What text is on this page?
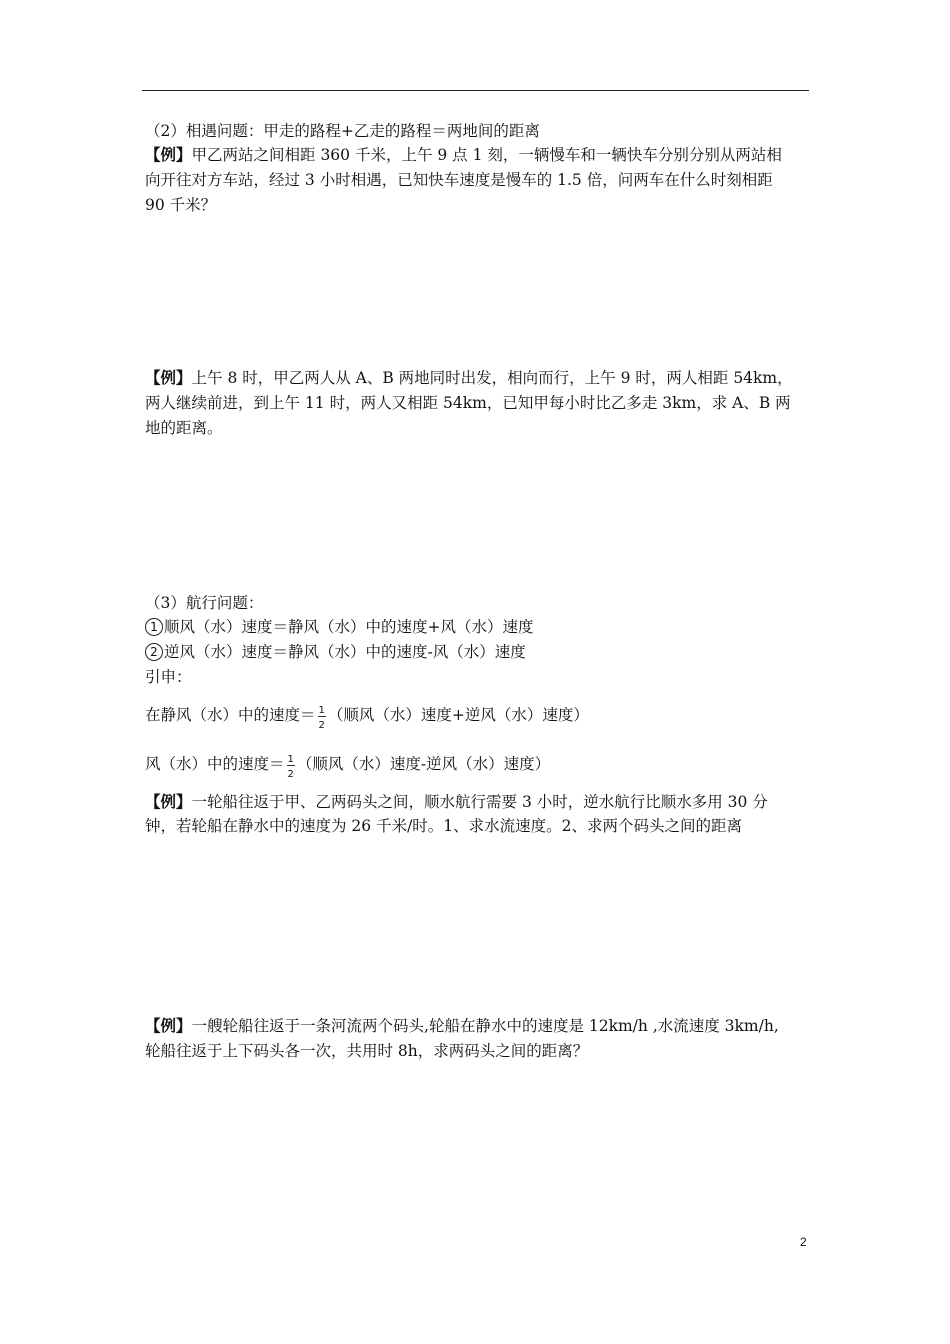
（2）相遇问题：甲走的路程+乙走的路程＝两地间的距离
【例】甲乙两站之间相距 360 千米，上午 9 点 1 刻，一辆慢车和一辆快车分别分别从两站相
向开往对方车站，经过 3 小时相遇，已知快车速度是慢车的 1.5 倍，问两车在什么时刻相距
90 千米？
【例】上午 8 时，甲乙两人从 A、B 两地同时出发，相向而行，上午 9 时，两人相距 54km，
两人继续前进，到上午 11 时，两人又相距 54km，已知甲每小时比乙多走 3km，求 A、B 两
地的距离。
（3）航行问题：
1 顺风（水）速度＝静风（水）中的速度+风（水）速度
2 逆风（水）速度＝静风（水）中的速度-风（水）速度
引申：
在静风（水）中的速度＝ $\frac{1}{2}$ （顺风（水）速度+逆风（水）速度）
风（水）中的速度＝ $\frac{1}{2}$ （顺风（水）速度-逆风（水）速度）
【例】一轮船往返于甲、乙两码头之间，顺水航行需要 3 小时，逆水航行比顺水多用 30 分
钟，若轮船在静水中的速度为 26 千米/时。1、求水流速度。2、求两个码头之间的距离
【例】一艘轮船往返于一条河流两个码头,轮船在静水中的速度是 12km/h ,水流速度 3km/h,
轮船往返于上下码头各一次，共用时 8h，求两码头之间的距离？
2
